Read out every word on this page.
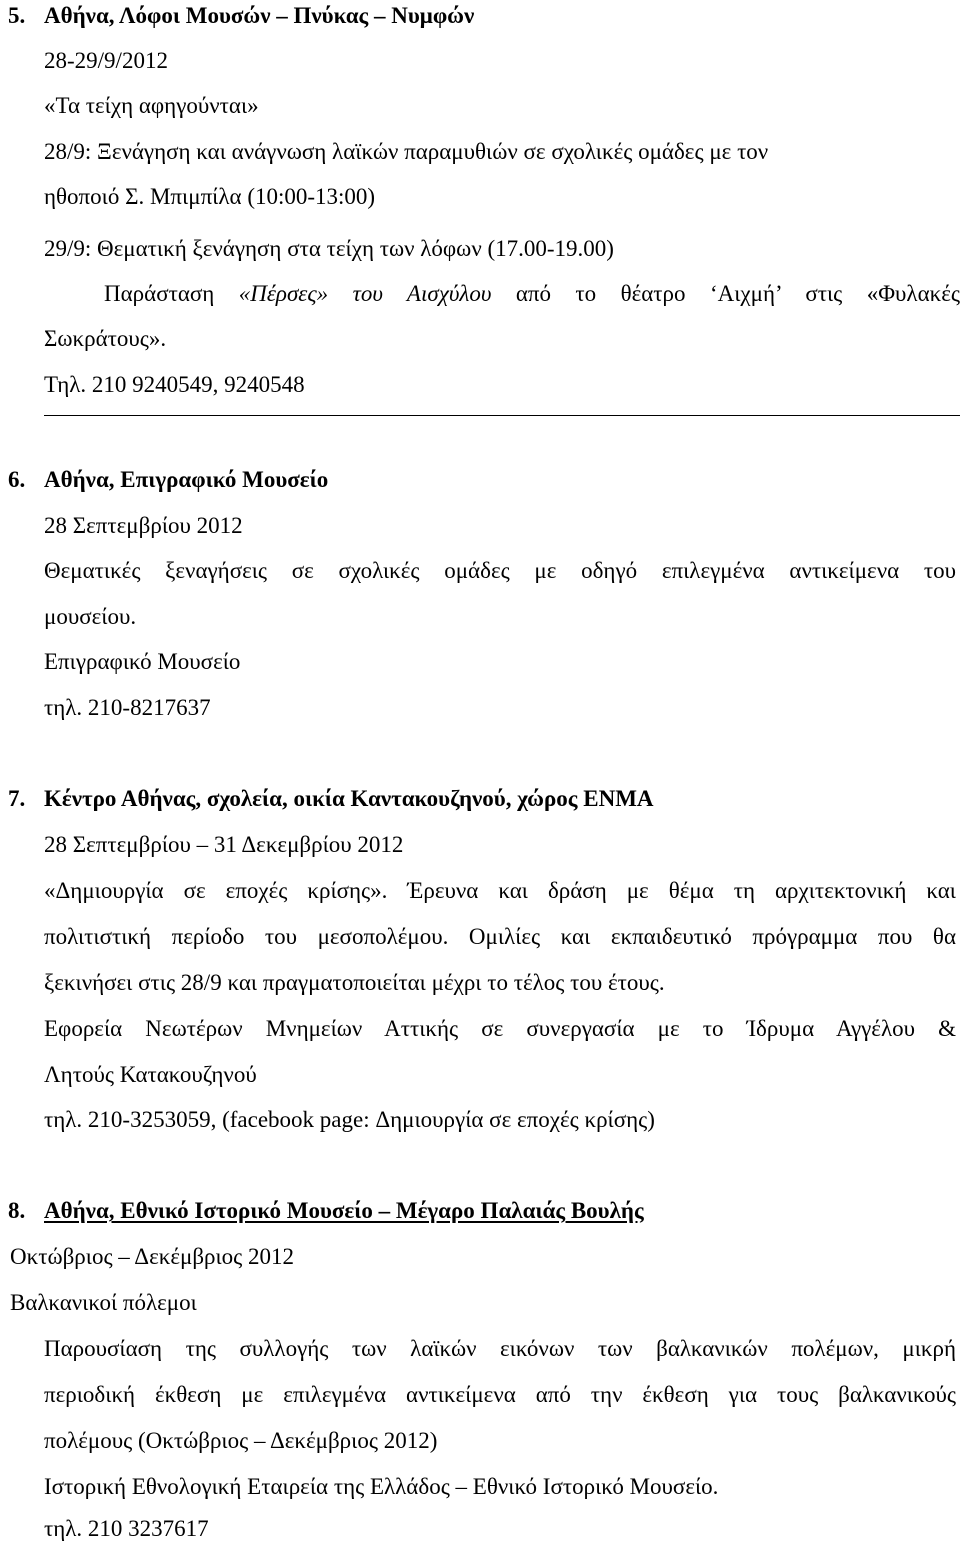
5. Αθήνα, Λόφοι Μουσών – Πνύκας – Νυμφών
28-29/9/2012
«Τα τείχη αφηγούνται»
28/9: Ξενάγηση και ανάγνωση λαϊκών παραμυθιών σε σχολικές ομάδες με τον
ηθοποιό Σ. Μπιμπίλα (10:00-13:00)
29/9: Θεματική ξενάγηση στα τείχη των λόφων (17.00-19.00)
Παράσταση «Πέρσες» του Αισχύλου από το θέατρο ‘Αιχμή’ στις «Φυλακές
Σωκράτους».
Τηλ. 210 9240549, 9240548
6. Αθήνα, Επιγραφικό Μουσείο
28 Σεπτεμβρίου 2012
Θεματικές ξεναγήσεις σε σχολικές ομάδες με οδηγό επιλεγμένα αντικείμενα του
μουσείου.
Επιγραφικό Μουσείο
τηλ. 210-8217637
7. Κέντρο Αθήνας, σχολεία, οικία Καντακουζηνού, χώρος ΕΝΜΑ
28 Σεπτεμβρίου – 31 Δεκεμβρίου 2012
«Δημιουργία σε εποχές κρίσης». Έρευνα και δράση με θέμα τη αρχιτεκτονική και
πολιτιστική περίοδο του μεσοπολέμου. Ομιλίες και εκπαιδευτικό πρόγραμμα που θα
ξεκινήσει στις 28/9 και πραγματοποιείται μέχρι το τέλος του έτους.
Εφορεία Νεωτέρων Μνημείων Αττικής σε συνεργασία με το Ίδρυμα Αγγέλου &
Λητούς Κατακουζηνού
τηλ. 210-3253059, (facebook page: Δημιουργία σε εποχές κρίσης)
8. Αθήνα, Εθνικό Ιστορικό Μουσείο – Μέγαρο Παλαιάς Βουλής
Οκτώβριος – Δεκέμβριος 2012
Βαλκανικοί πόλεμοι
Παρουσίαση της συλλογής των λαϊκών εικόνων των βαλκανικών πολέμων, μικρή
περιοδική έκθεση με επιλεγμένα αντικείμενα από την έκθεση για τους βαλκανικούς
πολέμους (Οκτώβριος – Δεκέμβριος 2012)
Ιστορική Εθνολογική Εταιρεία της Ελλάδος – Εθνικό Ιστορικό Μουσείο.
τηλ. 210 3237617
